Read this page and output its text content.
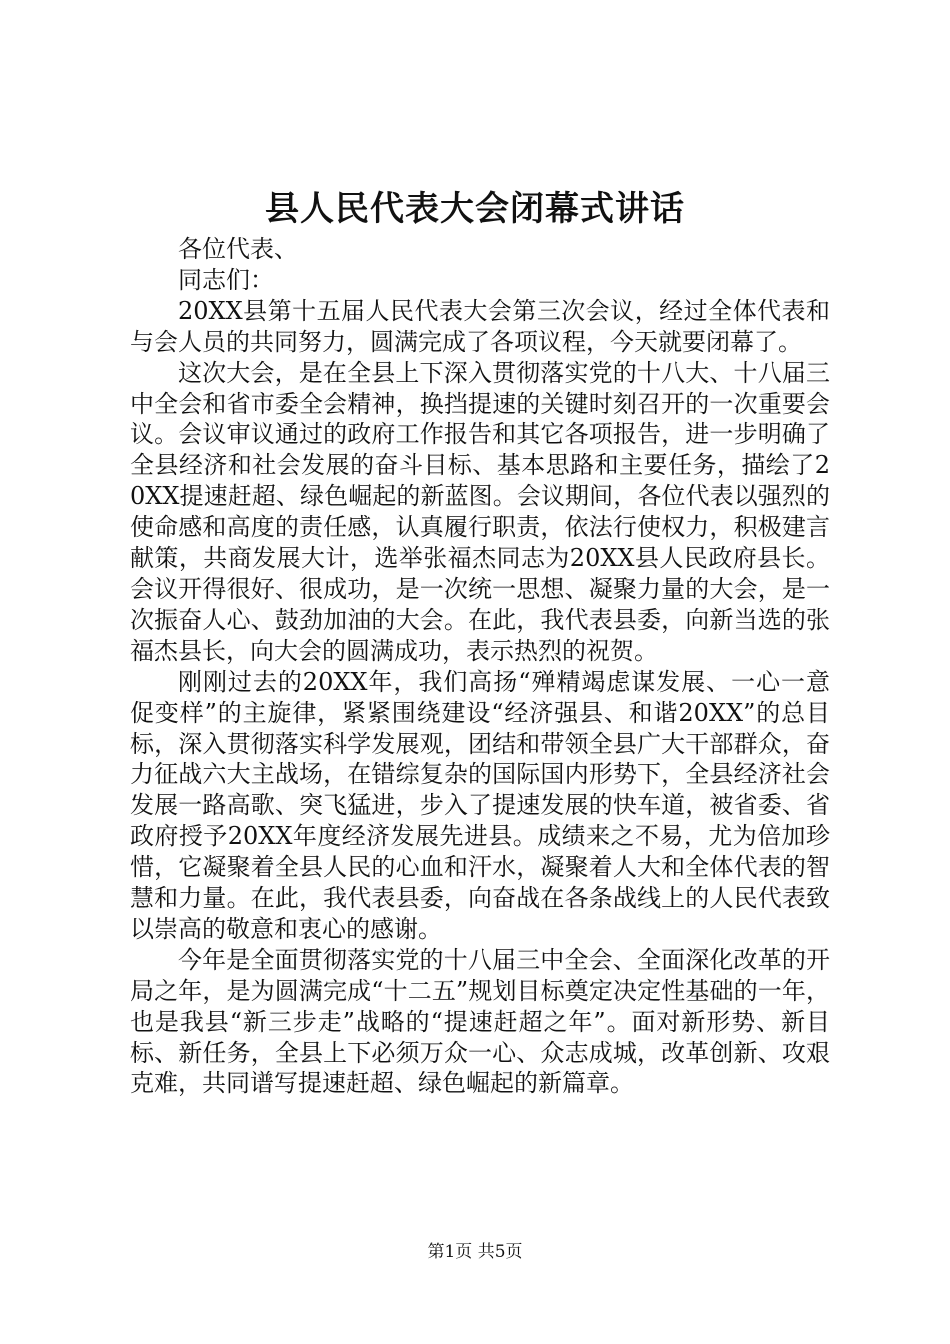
县人民代表大会闭幕式讲话

各位代表、

同志们：

20XX县第十五届人民代表大会第三次会议，经过全体代表和与会人员的共同努力，圆满完成了各项议程，今天就要闭幕了。

这次大会，是在全县上下深入贯彻落实党的十八大、十八届三中全会和省市委全会精神，换挡提速的关键时刻召开的一次重要会议。会议审议通过的政府工作报告和其它各项报告，进一步明确了全县经济和社会发展的奋斗目标、基本思路和主要任务，描绘了20XX提速赶超、绿色崛起的新蓝图。会议期间，各位代表以强烈的使命感和高度的责任感，认真履行职责，依法行使权力，积极建言献策，共商发展大计，选举张福杰同志为20XX县人民政府县长。会议开得很好、很成功，是一次统一思想、凝聚力量的大会，是一次振奋人心、鼓劲加油的大会。在此，我代表县委，向新当选的张福杰县长，向大会的圆满成功，表示热烈的祝贺。

刚刚过去的20XX年，我们高扬“殚精竭虑谋发展、一心一意促变样”的主旋律，紧紧围绕建设“经济强县、和谐20XX”的总目标，深入贯彻落实科学发展观，团结和带领全县广大干部群众，奋力征战六大主战场，在错综复杂的国际国内形势下，全县经济社会发展一路高歌、突飞猛进，步入了提速发展的快车道，被省委、省政府授予20XX年度经济发展先进县。成绩来之不易，尤为倍加珍惜，它凝聚着全县人民的心血和汗水，凝聚着人大和全体代表的智慧和力量。在此，我代表县委，向奋战在各条战线上的人民代表致以崇高的敬意和衷心的感谢。

今年是全面贯彻落实党的十八届三中全会、全面深化改革的开局之年，是为圆满完成“十二五”规划目标奠定决定性基础的一年，也是我县“新三步走”战略的“提速赶超之年”。面对新形势、新目标、新任务，全县上下必须万众一心、众志成城，改革创新、攻艰克难，共同谱写提速赶超、绿色崛起的新篇章。

第1页 共5页
